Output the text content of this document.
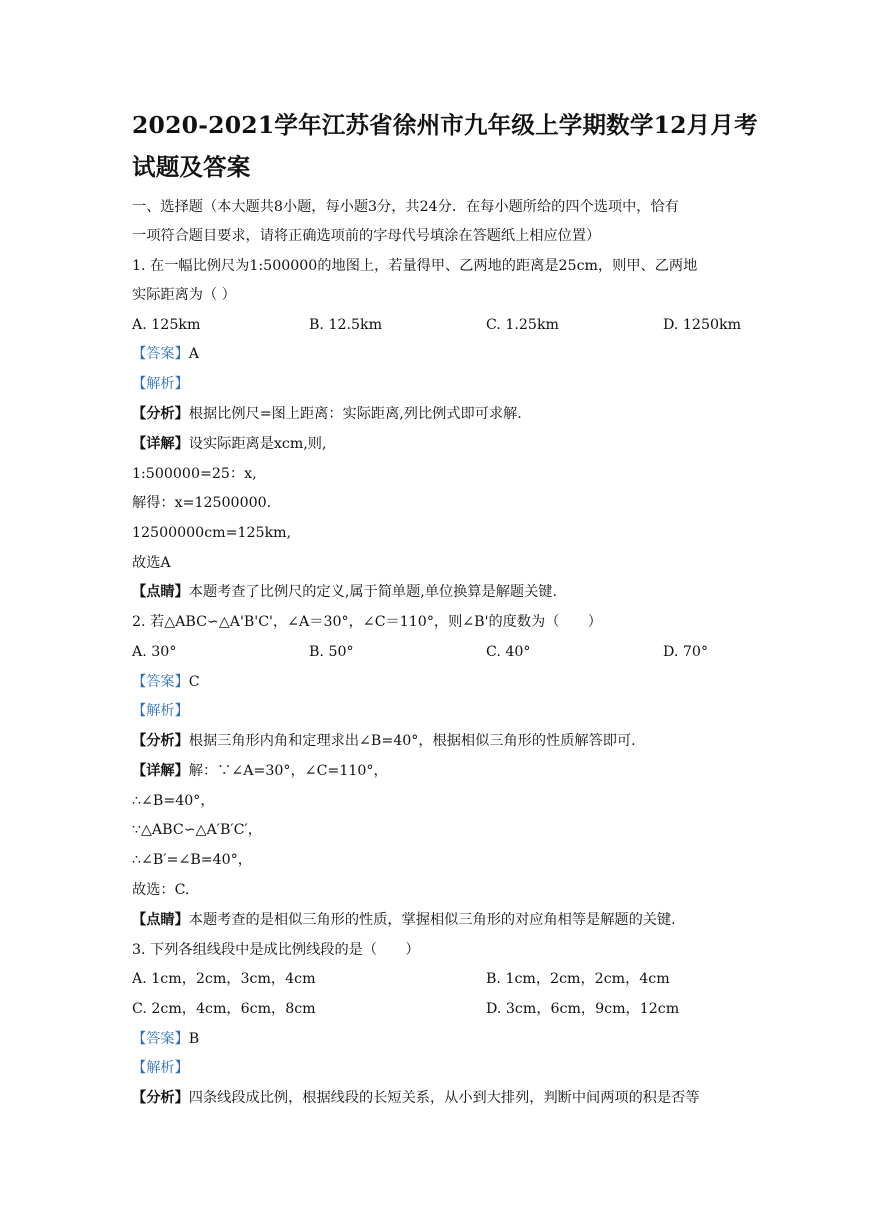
2020-2021学年江苏省徐州市九年级上学期数学12月月考
试题及答案
一、选择题（本大题共8小题，每小题3分，共24分．在每小题所给的四个选项中，恰有
一项符合题目要求，请将正确选项前的字母代号填涂在答题纸上相应位置）
1. 在一幅比例尺为1:500000的地图上，若量得甲、乙两地的距离是25cm，则甲、乙两地
实际距离为（ ）
A. 125km	B. 12.5km	C. 1.25km	D. 1250km
【答案】A
【解析】
【分析】根据比例尺=图上距离：实际距离,列比例式即可求解.
【详解】设实际距离是xcm,则,
1:500000=25：x,
解得：x=12500000.
12500000cm=125km,
故选A
【点睛】本题考查了比例尺的定义,属于简单题,单位换算是解题关键.
2. 若△ABC∽△A'B'C'，∠A＝30°，∠C＝110°，则∠B'的度数为（　　）
A. 30°	B. 50°	C. 40°	D. 70°
【答案】C
【解析】
【分析】根据三角形内角和定理求出∠B=40°，根据相似三角形的性质解答即可.
【详解】解：∵∠A=30°，∠C=110°，
∴∠B=40°，
∵△ABC∽△A′B′C′，
∴∠B′=∠B=40°，
故选：C.
【点睛】本题考查的是相似三角形的性质，掌握相似三角形的对应角相等是解题的关键.
3. 下列各组线段中是成比例线段的是（　　）
A. 1cm，2cm，3cm，4cm	B. 1cm，2cm，2cm，4cm
C. 2cm，4cm，6cm，8cm	D. 3cm，6cm，9cm，12cm
【答案】B
【解析】
【分析】四条线段成比例，根据线段的长短关系，从小到大排列，判断中间两项的积是否等
